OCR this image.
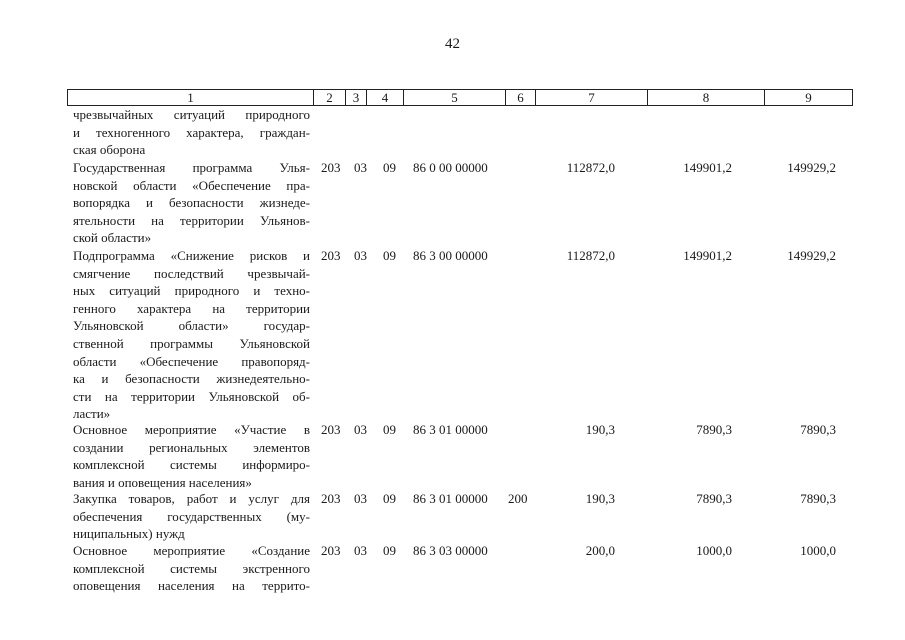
42
1	2	3	4	5	6	7	8	9
чрезвычайных ситуаций природного
и техногенного характера, граждан-
ская оборона
Государственная программа Улья-
новской области «Обеспечение пра-
вопорядка и безопасности жизнеде-
ятельности на территории Ульянов-
ской области»
203 03 09 86 0 00 00000	112872,0	149901,2	149929,2
Подпрограмма «Снижение рисков и
смягчение последствий чрезвычай-
ных ситуаций природного и техно-
генного характера на территории
Ульяновской области» государ-
ственной программы Ульяновской
области «Обеспечение правопоряд-
ка и безопасности жизнедеятельно-
сти на территории Ульяновской об-
ласти»
203 03 09 86 3 00 00000	112872,0	149901,2	149929,2
Основное мероприятие «Участие в
создании региональных элементов
комплексной системы информиро-
вания и оповещения населения»
203 03 09 86 3 01 00000	190,3	7890,3	7890,3
Закупка товаров, работ и услуг для
обеспечения государственных (му-
ниципальных) нужд
203 03 09 86 3 01 00000 200	190,3	7890,3	7890,3
Основное мероприятие «Создание
комплексной системы экстренного
оповещения населения на террито-
203 03 09 86 3 03 00000	200,0	1000,0	1000,0
